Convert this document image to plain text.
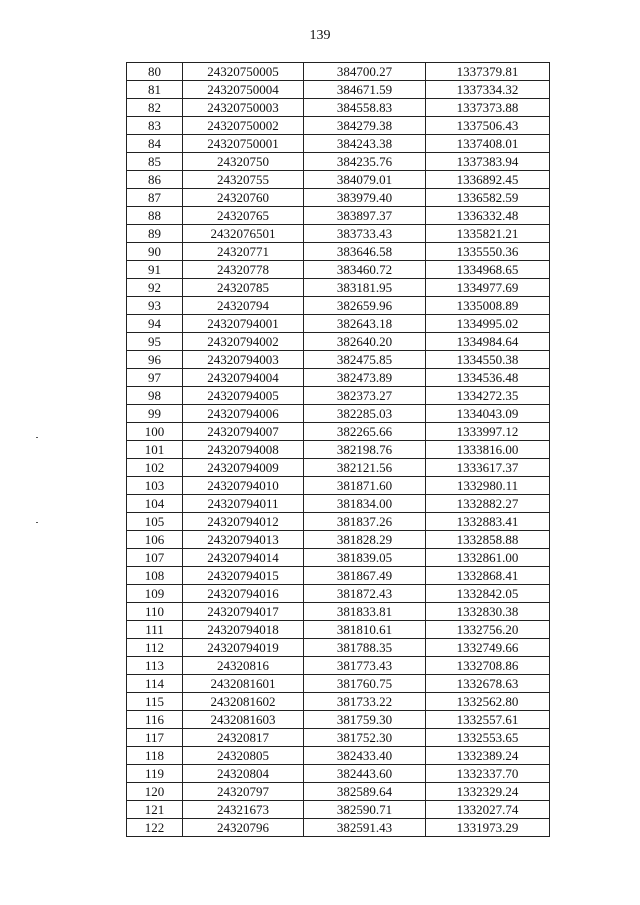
139
80	24320750005	384700.27	1337379.81
81	24320750004	384671.59	1337334.32
82	24320750003	384558.83	1337373.88
83	24320750002	384279.38	1337506.43
84	24320750001	384243.38	1337408.01
85	24320750	384235.76	1337383.94
86	24320755	384079.01	1336892.45
87	24320760	383979.40	1336582.59
88	24320765	383897.37	1336332.48
89	2432076501	383733.43	1335821.21
90	24320771	383646.58	1335550.36
91	24320778	383460.72	1334968.65
92	24320785	383181.95	1334977.69
93	24320794	382659.96	1335008.89
94	24320794001	382643.18	1334995.02
95	24320794002	382640.20	1334984.64
96	24320794003	382475.85	1334550.38
97	24320794004	382473.89	1334536.48
98	24320794005	382373.27	1334272.35
99	24320794006	382285.03	1334043.09
100	24320794007	382265.66	1333997.12
101	24320794008	382198.76	1333816.00
102	24320794009	382121.56	1333617.37
103	24320794010	381871.60	1332980.11
104	24320794011	381834.00	1332882.27
105	24320794012	381837.26	1332883.41
106	24320794013	381828.29	1332858.88
107	24320794014	381839.05	1332861.00
108	24320794015	381867.49	1332868.41
109	24320794016	381872.43	1332842.05
110	24320794017	381833.81	1332830.38
111	24320794018	381810.61	1332756.20
112	24320794019	381788.35	1332749.66
113	24320816	381773.43	1332708.86
114	2432081601	381760.75	1332678.63
115	2432081602	381733.22	1332562.80
116	2432081603	381759.30	1332557.61
117	24320817	381752.30	1332553.65
118	24320805	382433.40	1332389.24
119	24320804	382443.60	1332337.70
120	24320797	382589.64	1332329.24
121	24321673	382590.71	1332027.74
122	24320796	382591.43	1331973.29
